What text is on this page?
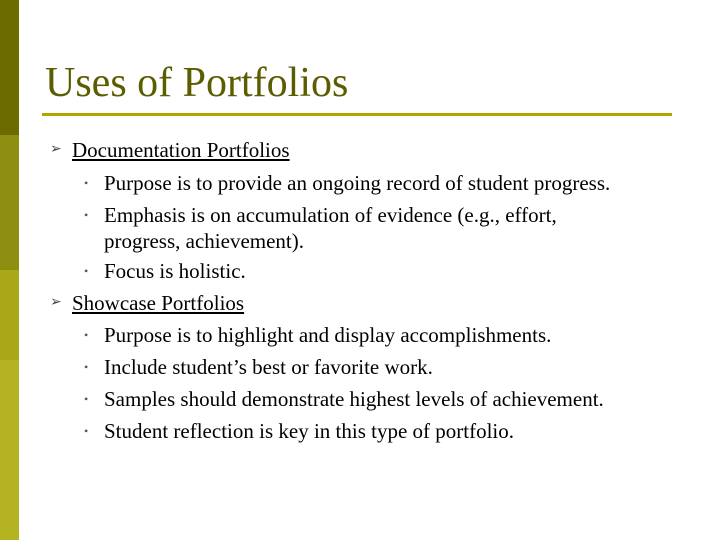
Uses of Portfolios
➢ Documentation Portfolios
• Purpose is to provide an ongoing record of student progress.
• Emphasis is on accumulation of evidence (e.g., effort,
progress, achievement).
• Focus is holistic.
➢ Showcase Portfolios
• Purpose is to highlight and display accomplishments.
• Include student’s best or favorite work.
• Samples should demonstrate highest levels of achievement.
• Student reflection is key in this type of portfolio.
